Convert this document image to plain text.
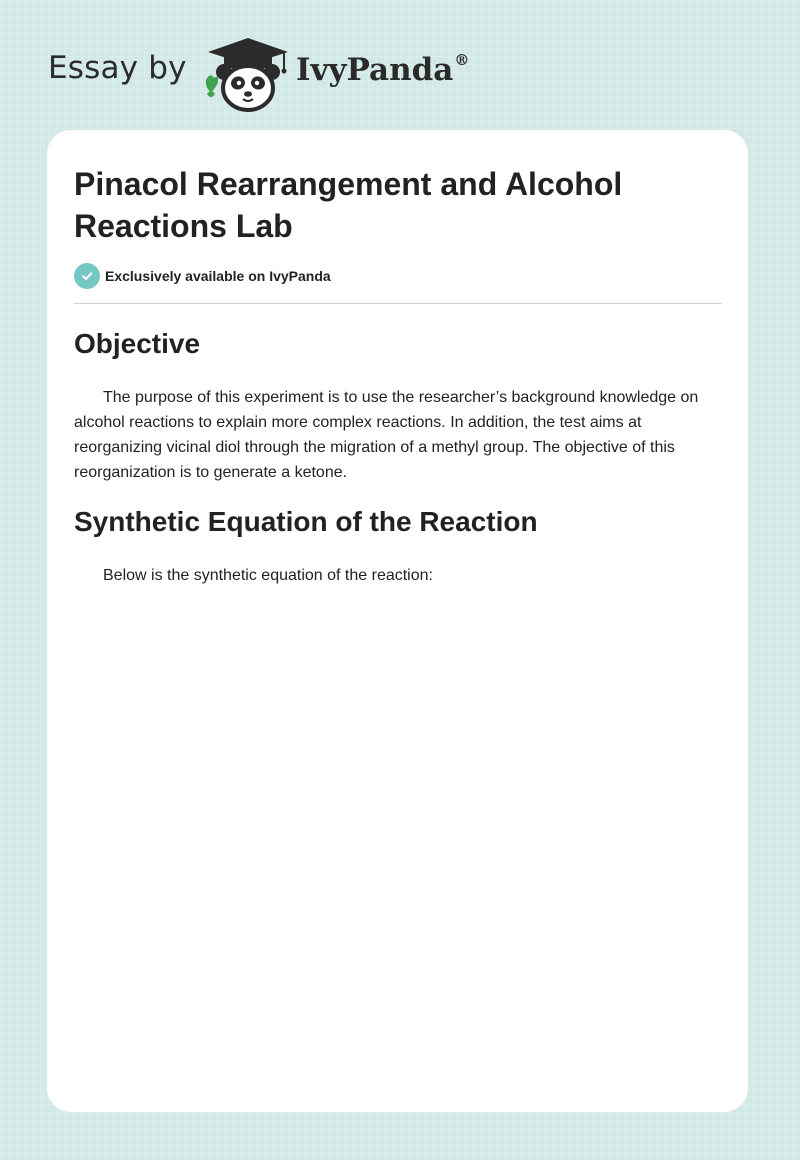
Essay by	IvyPanda®
Pinacol Rearrangement and Alcohol Reactions Lab
Exclusively available on IvyPanda
Objective

The purpose of this experiment is to use the researcher’s background knowledge on alcohol reactions to explain more complex reactions. In addition, the test aims at reorganizing vicinal diol through the migration of a methyl group. The objective of this reorganization is to generate a ketone.

Synthetic Equation of the Reaction

Below is the synthetic equation of the reaction:
